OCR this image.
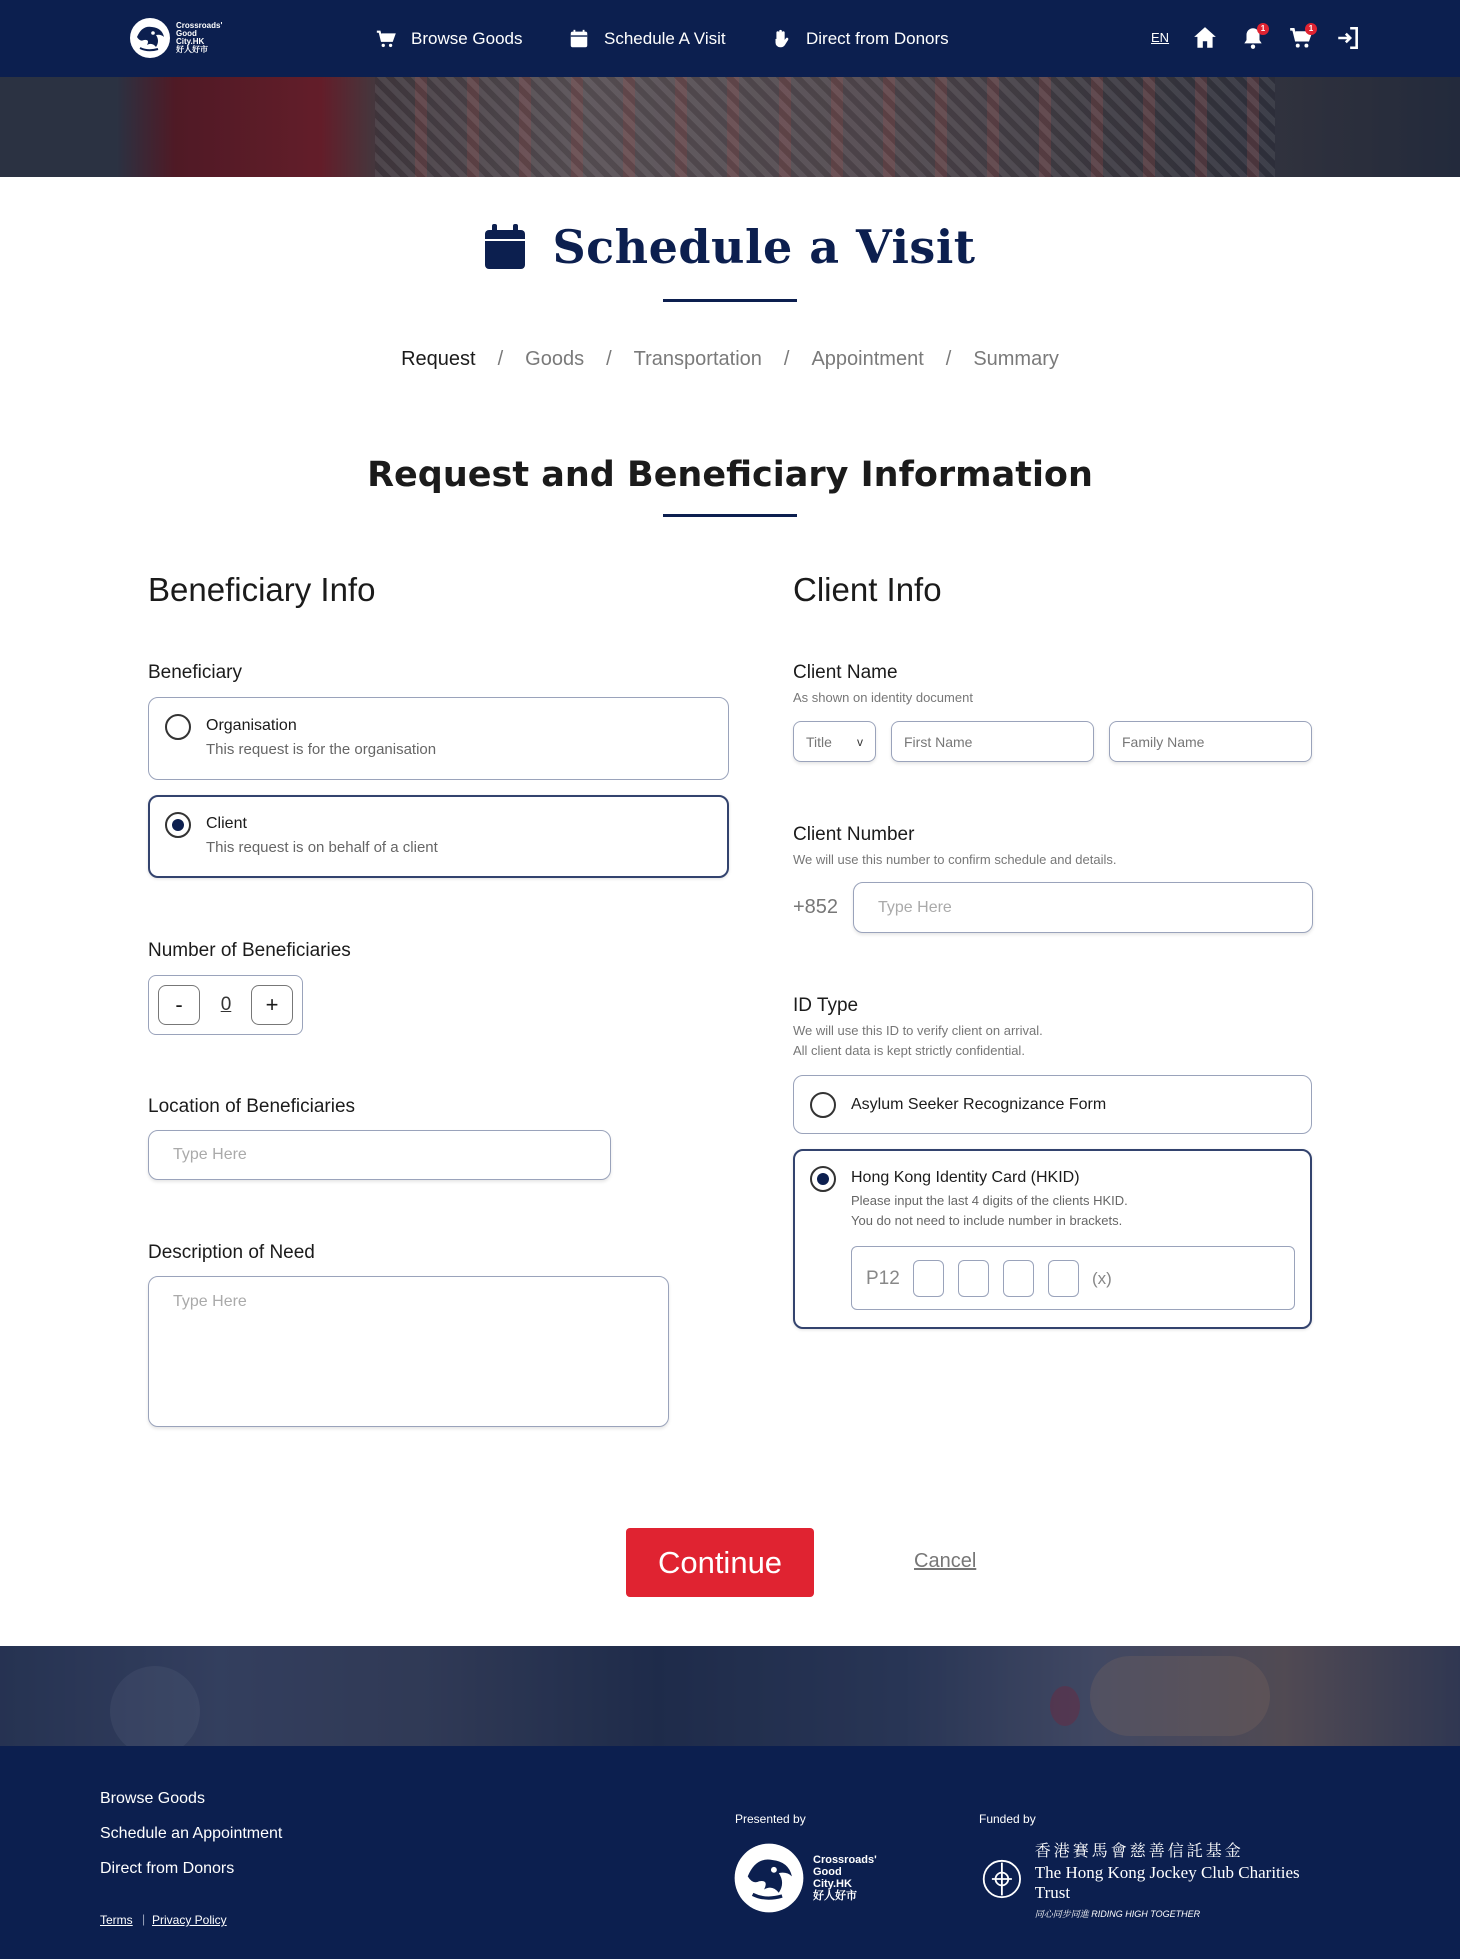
Crossroads'
Good
City.HK
好人好市
Browse Goods	Schedule A Visit	Direct from Donors	EN
1	1
Schedule a Visit
Request / Goods / Transportation / Appointment / Summary
Request and Beneficiary Information
Beneficiary Info
Beneficiary
Organisation
This request is for the organisation
Client
This request is on behalf of a client
Number of Beneficiaries
-	0	+
Location of Beneficiaries
Type Here
Description of Need
Type Here
Client Info
Client Name
As shown on identity document
Title v	First Name	Family Name
Client Number
We will use this number to confirm schedule and details.
+852	Type Here
ID Type
We will use this ID to verify client on arrival.
All client data is kept strictly confidential.
Asylum Seeker Recognizance Form
Hong Kong Identity Card (HKID)
Please input the last 4 digits of the clients HKID.
You do not need to include number in brackets.
P12	(x)
Continue	Cancel
Browse Goods
Schedule an Appointment
Direct from Donors
Terms | Privacy Policy
Presented by
Crossroads'
Good
City.HK
好人好市
Funded by
香港賽馬會慈善信託基金
The Hong Kong Jockey Club Charities Trust
同心同步同進 RIDING HIGH TOGETHER
